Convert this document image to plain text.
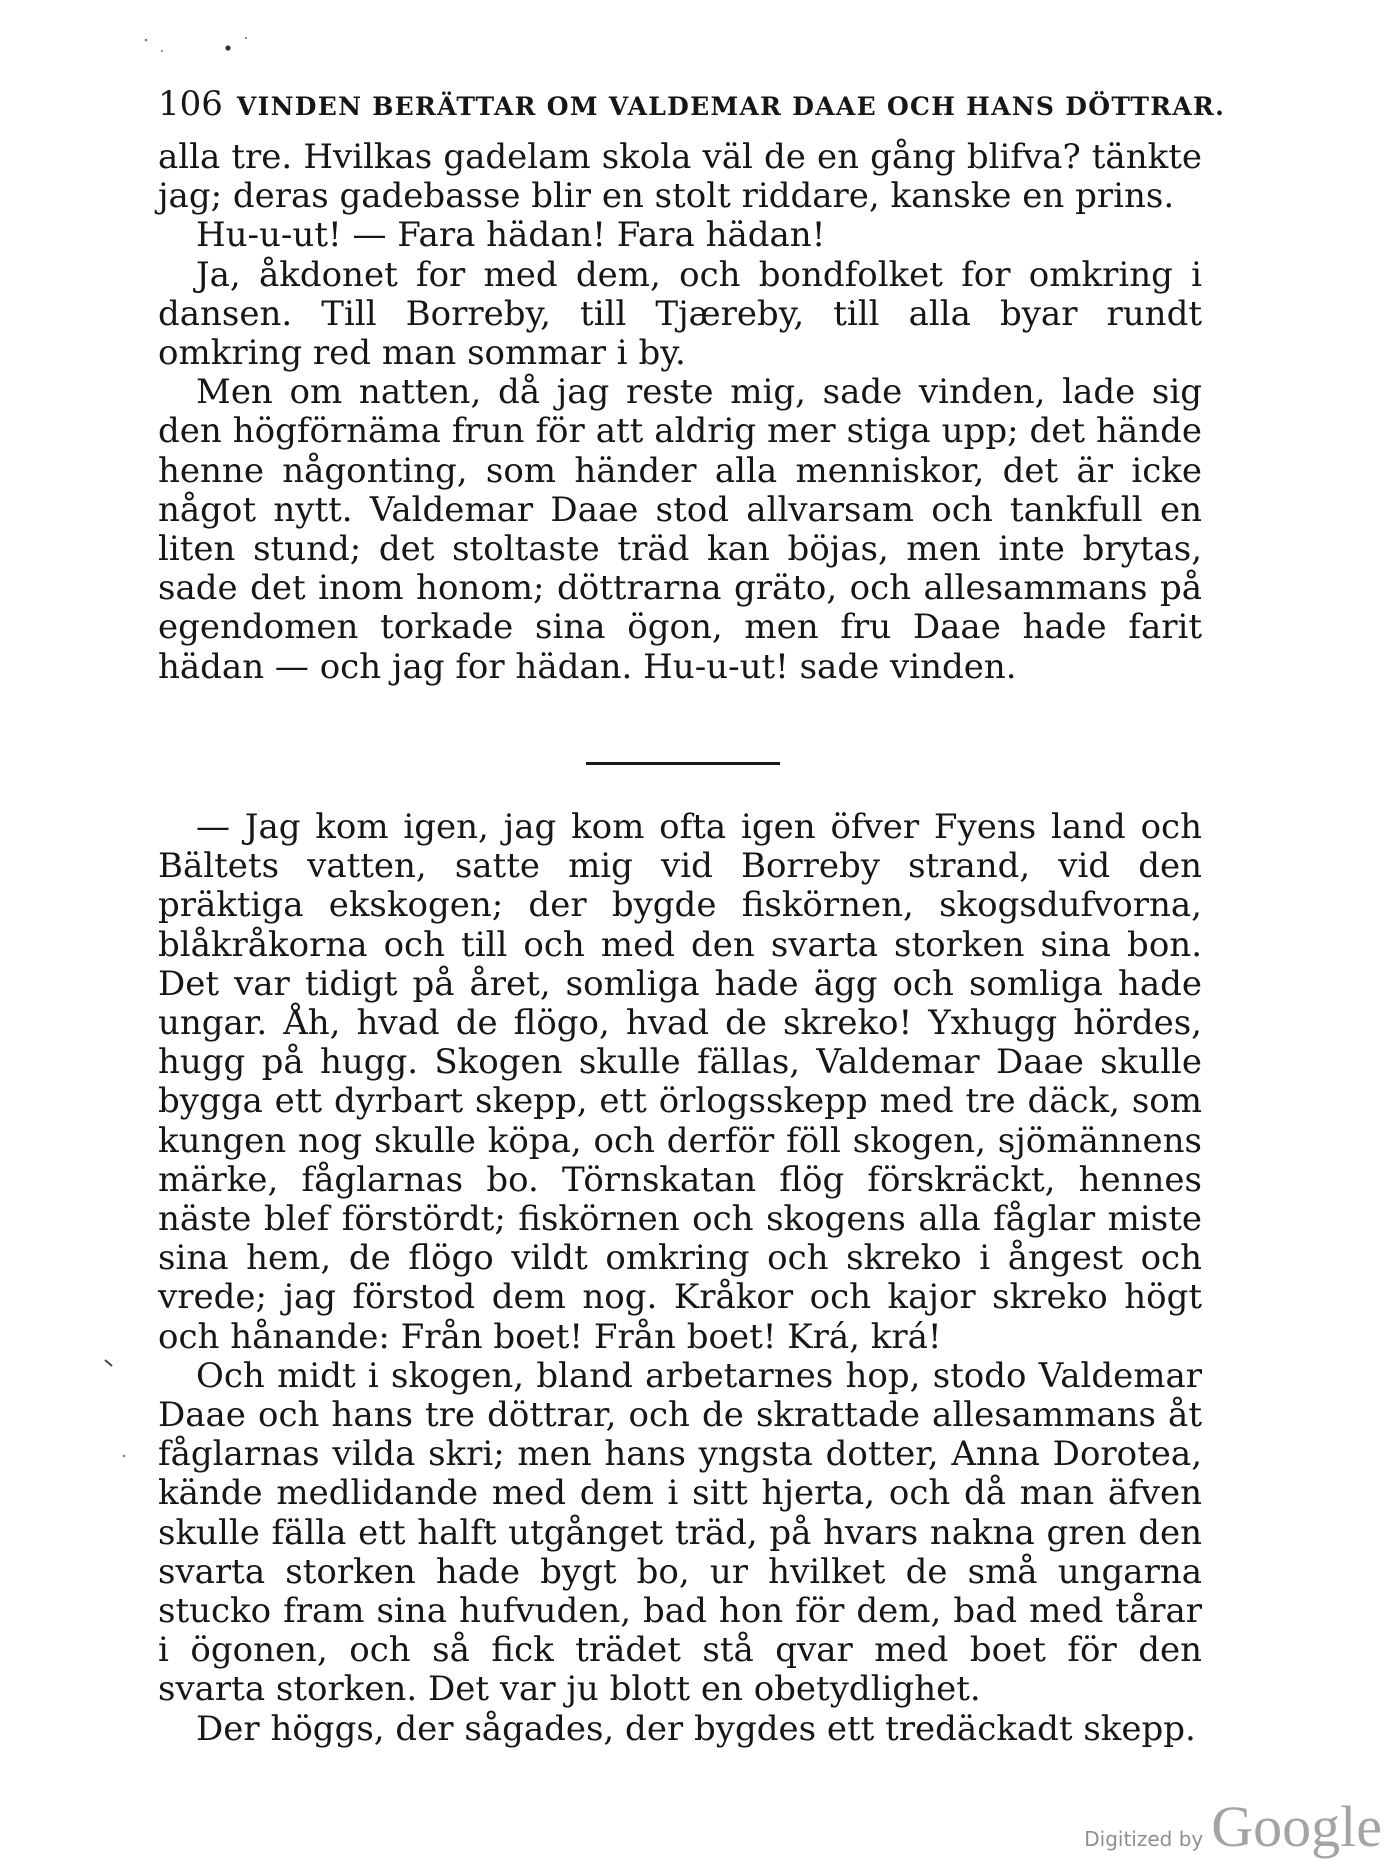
106 VINDEN BERÄTTAR OM VALDEMAR DAAE OCH HANS DÖTTRAR.

alla tre. Hvilkas gadelam skola väl de en gång blifva? tänkte jag; deras gadebasse blir en stolt riddare, kanske en prins.

Hu-u-ut! — Fara hädan! Fara hädan!

Ja, åkdonet for med dem, och bondfolket for omkring i dansen. Till Borreby, till Tjæreby, till alla byar rundt omkring red man sommar i by.

Men om natten, då jag reste mig, sade vinden, lade sig den högförnäma frun för att aldrig mer stiga upp; det hände henne någonting, som händer alla menniskor, det är icke något nytt. Valdemar Daae stod allvarsam och tankfull en liten stund; det stoltaste träd kan böjas, men inte brytas, sade det inom honom; döttrarna gräto, och allesammans på egendomen torkade sina ögon, men fru Daae hade farit hädan — och jag for hädan. Hu-u-ut! sade vinden.

— Jag kom igen, jag kom ofta igen öfver Fyens land och Bältets vatten, satte mig vid Borreby strand, vid den präktiga ekskogen; der bygde fiskörnen, skogsdufvorna, blåkråkorna och till och med den svarta storken sina bon. Det var tidigt på året, somliga hade ägg och somliga hade ungar. Åh, hvad de flögo, hvad de skreko! Yxhugg hördes, hugg på hugg. Skogen skulle fällas, Valdemar Daae skulle bygga ett dyrbart skepp, ett örlogsskepp med tre däck, som kungen nog skulle köpa, och derför föll skogen, sjömännens märke, fåglarnas bo. Törnskatan flög förskräckt, hennes näste blef förstördt; fiskörnen och skogens alla fåglar miste sina hem, de flögo vildt omkring och skreko i ångest och vrede; jag förstod dem nog. Kråkor och kajor skreko högt och hånande: Från boet! Från boet! Krá, krá!

Och midt i skogen, bland arbetarnes hop, stodo Valdemar Daae och hans tre döttrar, och de skrattade allesammans åt fåglarnas vilda skri; men hans yngsta dotter, Anna Dorotea, kände medlidande med dem i sitt hjerta, och då man äfven skulle fälla ett halft utgånget träd, på hvars nakna gren den svarta storken hade bygt bo, ur hvilket de små ungarna stucko fram sina hufvuden, bad hon för dem, bad med tårar i ögonen, och så fick trädet stå qvar med boet för den svarta storken. Det var ju blott en obetydlighet.

Der höggs, der sågades, der bygdes ett tredäckadt skepp.

Digitized by Google
